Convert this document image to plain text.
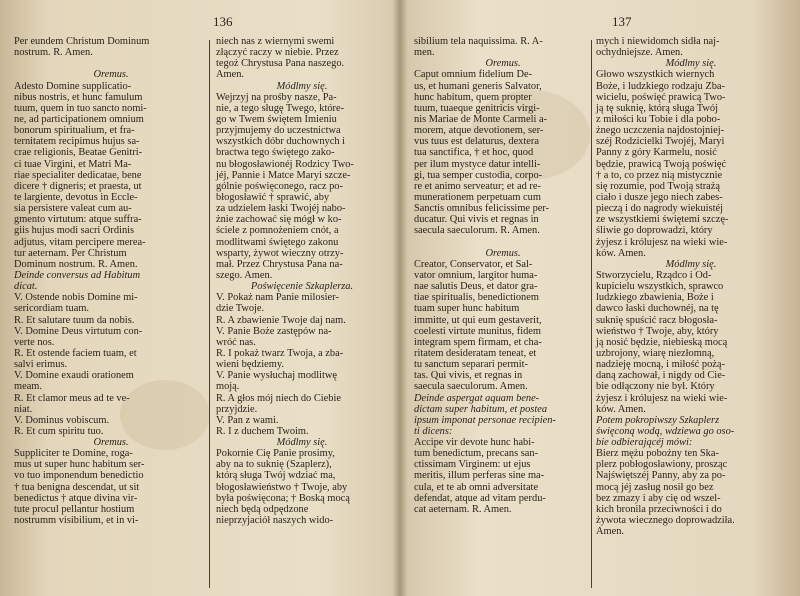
136
Per eundem Christum Dominum
nostrum. R. Amen.

Oremus.
Adesto Domine supplicatio-
nibus nostris, et hunc famulum
tuum, quem in tuo sancto nomi-
ne, ad participationem omnium
bonorum spiritualium, et fra-
ternitatem recipimus hujus sa-
crae religionis, Beatae Genitri-
ci tuae Virgini, et Matri Ma-
riae specialiter dedicatae, bene
dicere † digneris; et praesta, ut
te largiente, devotus in Eccle-
sia persistere valeat cum au-
gmento virtutum: atque suffra-
giis hujus modi sacri Ordinis
adjutus, vitam percipere merea-
tur aeternam. Per Christum
Dominum nostrum. R. Amen.
Deinde conversus ad Habitum
dicat.
V. Ostende nobis Domine mi-
sericordiam tuam.
R. Et salutare tuum da nobis.
V. Domine Deus virtutum con-
verte nos.
R. Et ostende faciem tuam, et
salvi erimus.
V. Domine exaudi orationem
meam.
R. Et clamor meus ad te ve-
niat.
V. Dominus vobiscum.
R. Et cum spiritu tuo.
Oremus.
Suppliciter te Domine, roga-
mus ut super hunc habitum ser-
vo tuo imponendum benedictio
† tua benigna descendat, ut sit
benedictus † atque divina vir-
tute procul pellantur hostium
nostrumm visibilium, et in vi-
niech nas z wiernymi swemi
złączyć raczy w niebie. Przez
tegoż Chrystusa Pana naszego.
Amen.
Módlmy się.
Wejrzyj na prośby nasze, Pa-
nie, a tego sługę Twego, które-
go w Twem świętem Imieniu
przyjmujemy do uczestnictwa
wszystkich dóbr duchownych i
bractwa tego świętego zako-
nu błogosławionéj Rodzicy Two-
jéj, Pannie i Matce Maryi szcze-
gólnie poświęconego, racz po-
błogosławić † sprawić, aby
za udzielem łaski Twojéj nabo-
żnie zachować się mógł w ko-
ściele z pomnożeniem cnót, a
modlitwami świętego zakonu
wsparty, żywot wieczny otrzy-
mał. Przez Chrystusa Pana na-
szego. Amen.
Poświęcenie Szkaplerza.
V. Pokaż nam Panie milosier-
dzie Twoje.
R. A zbawienie Twoje daj nam.
V. Panie Boże zastępów na-
wróć nas.
R. I pokaż twarz Twoja, a zba-
wieni będziemy.
V. Panie wysłuchaj modlitwę
moją.
R. A głos mój niech do Ciebie
przyjdzie.
V. Pan z wami.
R. I z duchem Twoim.
Módlmy się.
Pokornie Cię Panie prosimy,
aby na to suknię (Szaplerz),
którą sługa Twój wdziać ma,
błogosławieństwo † Twoje, aby
była poświęcona; † Boską mocą
niech będą odpędzone
nieprzyjaciół naszych wido-
137
sibilium tela naquissima. R. A-
men.
Oremus.
Caput omnium fidelium De-
us, et humani generis Salvator,
hunc habitum, quem propter
tuum, tuaeque genitricis virgi-
nis Mariae de Monte Carmeli a-
morem, atque devotionem, ser-
vus tuus est delaturus, dextera
tua sanctifica, † et hoc, quod
per ilum mystyce datur intelli-
gi, tua semper custodia, corpo-
re et animo serveatur; et ad re-
munerationem perpetuam cum
Sanctis omnibus felicissime per-
ducatur. Qui vivis et regnas in
saecula saeculorum. R. Amen.

Oremus.
Creator, Conservator, et Sal-
vator omnium, largitor huma-
nae salutis Deus, et dator gra-
tiae spiritualis, benedictionem
tuam super hunc habitum
immitte, ut qui eum gestaverit,
coelesti virtute munitus, fidem
integram spem firmam, et cha-
ritatem desideratam teneat, et
tu sanctum separari permit-
tas. Qui vivis, et regnas in
saecula saeculorum. Amen.
Deinde aspergat aquam bene-
dictam super habitum, et postea
ipsum imponat personae recipien-
ti dicens:
Accipe vir devote hunc habi-
tum benedictum, precans san-
ctissimam Virginem: ut ejus
meritis, illum perferas sine ma-
cula, et te ab omni adversitate
defendat, atque ad vitam perdu-
cat aeternam. R. Amen.
mych i niewidomch sidła naj-
ochydniejsze. Amen.
Módlmy się.
Głowo wszystkich wiernych
Boże, i ludzkiego rodzaju Zba-
wicielu, poświęć prawicą Two-
ją tę suknię, którą sługa Twój
z miłości ku Tobie i dla pobo-
żnego uczczenia najdostojniej-
széj Rodzicielki Twojéj, Maryi
Panny z góry Karmelu, nosić
będzie, prawicą Twoją poświęć
† a to, co przez nią mistycznie
się rozumie, pod Twoją strażą
ciało i dusze jego niech zabes-
pieczą i do nagrody wiekuistéj
ze wszystkiemi świętemi szczę-
śliwie go doprowadzi, który
żyjesz i królujesz na wieki wie-
ków. Amen.
Módlmy się.
Stworzycielu, Rządco i Od-
kupicielu wszystkich, sprawco
ludzkiego zbawienia, Boże i
dawco łaski duchownéj, na tę
suknię spuścić racz błogosła-
wieństwo † Twoje, aby, który
ją nosić będzie, niebieską mocą
uzbrojony, wiarę niezłomną,
nadzieję mocną, i miłość pożą-
daną zachował, i nigdy od Cie-
bie odłączony nie był. Który
żyjesz i królujesz na wieki wie-
ków. Amen.
Potem pokropiwszy Szkaplerz
święconą wodą, wdziewa go oso-
bie odbierającéj mówi:
Bierz mężu pobożny ten Ska-
plerz pobłogosławiony, prosząc
Najświętszéj Panny, aby za po-
mocą jéj zasług nosił go bez
bez zmazy i aby cię od wszel-
kich bronila przeciwności i do
żywota wiecznego doprowadziła.
Amen.
